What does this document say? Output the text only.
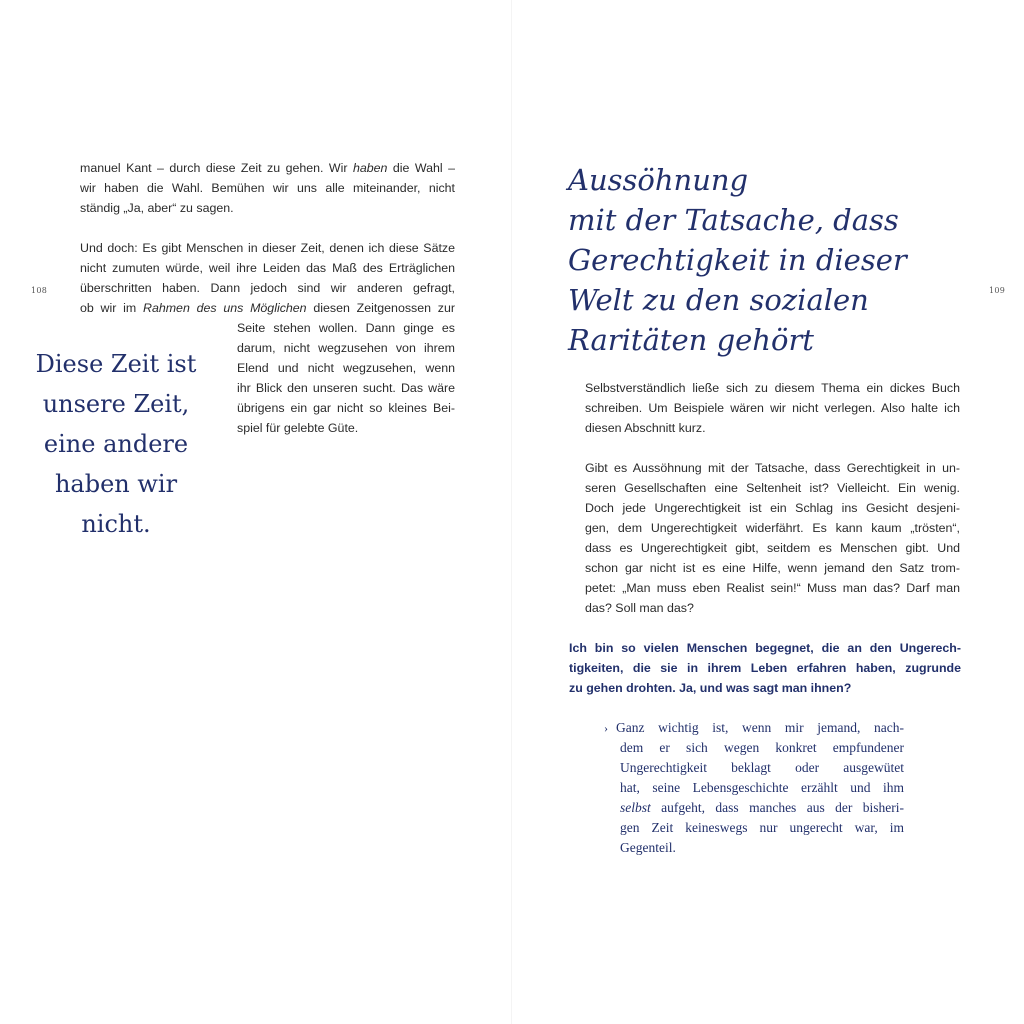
108
manuel Kant – durch diese Zeit zu gehen. Wir haben die Wahl –
wir haben die Wahl. Bemühen wir uns alle miteinander, nicht
ständig „Ja, aber“ zu sagen.
Und doch: Es gibt Menschen in dieser Zeit, denen ich diese Sätze
nicht zumuten würde, weil ihre Leiden das Maß des Erträglichen
überschritten haben. Dann jedoch sind wir anderen gefragt,
ob wir im Rahmen des uns Möglichen diesen Zeitgenossen zur
Seite stehen wollen. Dann ginge es
darum, nicht wegzusehen von ihrem
Elend und nicht wegzusehen, wenn
ihr Blick den unseren sucht. Das wäre
übrigens ein gar nicht so kleines Bei-
spiel für gelebte Güte.
Diese Zeit ist
unsere Zeit,
eine andere
haben wir
nicht.
109
Aussöhnung
mit der Tatsache, dass
Gerechtigkeit in dieser
Welt zu den sozialen
Raritäten gehört
Selbstverständlich ließe sich zu diesem Thema ein dickes Buch
schreiben. Um Beispiele wären wir nicht verlegen. Also halte ich
diesen Abschnitt kurz.
Gibt es Aussöhnung mit der Tatsache, dass Gerechtigkeit in un-
seren Gesellschaften eine Seltenheit ist? Vielleicht. Ein wenig.
Doch jede Ungerechtigkeit ist ein Schlag ins Gesicht desjeni-
gen, dem Ungerechtigkeit widerfährt. Es kann kaum „trösten“,
dass es Ungerechtigkeit gibt, seitdem es Menschen gibt. Und
schon gar nicht ist es eine Hilfe, wenn jemand den Satz trom-
petet: „Man muss eben Realist sein!“ Muss man das? Darf man
das? Soll man das?
Ich bin so vielen Menschen begegnet, die an den Ungerech-
tigkeiten, die sie in ihrem Leben erfahren haben, zugrunde
zu gehen drohten. Ja, und was sagt man ihnen?
› Ganz wichtig ist, wenn mir jemand, nach-
dem er sich wegen konkret empfundener
Ungerechtigkeit beklagt oder ausgewütet
hat, seine Lebensgeschichte erzählt und ihm
selbst aufgeht, dass manches aus der bisheri-
gen Zeit keineswegs nur ungerecht war, im
Gegenteil.
